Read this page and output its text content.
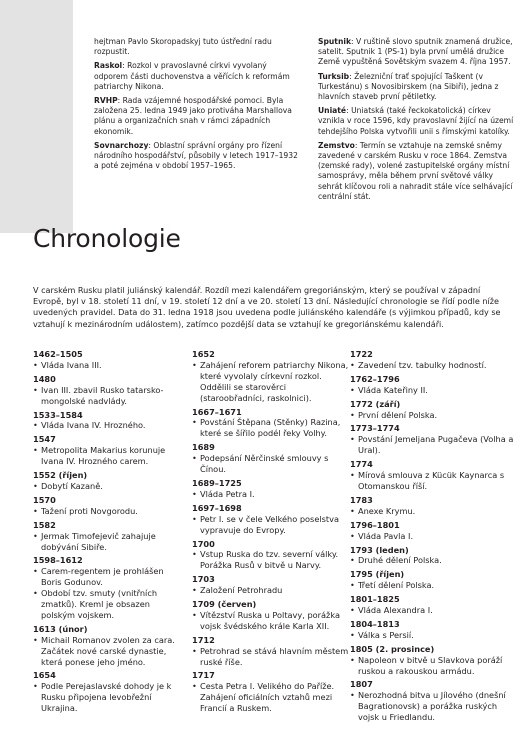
hejtman Pavlo Skoropadskyj tuto ústřední radu rozpustit.

Raskol: Rozkol v pravoslavné církvi vyvolaný odporem části duchovenstva a věřících k reformám patriarchy Nikona.

RVHP: Rada vzájemné hospodářské pomoci. Byla založena 25. ledna 1949 jako protiváha Marshallova plánu a organizačních snah v rámci západních ekonomik.

Sovnarchozy: Oblastní správní orgány pro řízení národního hospodářství, působily v letech 1917–1932 a poté zejména v období 1957–1965.

Sputnik: V ruštině slovo sputnik znamená družice, satelit. Sputnik 1 (PS-1) byla první umělá družice Země vypuštěná Sovětským svazem 4. října 1957.

Turksib: Železniční trať spojující Taškent (v Turkestánu) s Novosibirskem (na Sibiři), jedna z hlavních staveb první pětiletky.

Uniaté: Uniatská (také řeckokatolická) církev vznikla v roce 1596, kdy pravoslavní žijící na území tehdejšího Polska vytvořili unii s římskými katolíky.

Zemstvo: Termín se vztahuje na zemské sněmy zavedené v carském Rusku v roce 1864. Zemstva (zemské rady), volené zastupitelské orgány místní samosprávy, měla během první světové války sehrát klíčovou roli a nahradit stále více selhávající centrální stát.

Chronologie

V carském Rusku platil juliánský kalendář. Rozdíl mezi kalendářem gregoriánským, který se používal v západní Evropě, byl v 18. století 11 dní, v 19. století 12 dní a ve 20. století 13 dní. Následující chronologie se řídí podle níže uvedených pravidel. Data do 31. ledna 1918 jsou uvedena podle juliánského kalendáře (s výjimkou případů, kdy se vztahují k mezinárodním událostem), zatímco pozdější data se vztahují ke gregoriánskému kalendáři.

1462–1505
• Vláda Ivana III.
1480
• Ivan III. zbavil Rusko tatarsko-mongolské nadvlády.
1533–1584
• Vláda Ivana IV. Hrozného.
1547
• Metropolita Makarius korunuje Ivana IV. Hrozného carem.
1552 (říjen)
• Dobytí Kazaně.
1570
• Tažení proti Novgorodu.
1582
• Jermak Timofejevič zahajuje dobývání Sibiře.
1598–1612
• Carem-regentem je prohlášen Boris Godunov.
• Období tzv. smuty (vnitřních zmatků). Kreml je obsazen polským vojskem.
1613 (únor)
• Michail Romanov zvolen za cara. Začátek nové carské dynastie, která ponese jeho jméno.
1654
• Podle Perejaslavské dohody je k Rusku připojena levobřežní Ukrajina.
1652
• Zahájení reforem patriarchy Nikona, které vyvolaly církevní rozkol. Oddělili se starověrci (staroobřadníci, raskolnici).
1667–1671
• Povstání Štěpana (Stěnky) Razina, které se šířilo podél řeky Volhy.
1689
• Podepsání Něrčinské smlouvy s Čínou.
1689–1725
• Vláda Petra I.
1697–1698
• Petr I. se v čele Velkého poselstva vypravuje do Evropy.
1700
• Vstup Ruska do tzv. severní války. Porážka Rusů v bitvě u Narvy.
1703
• Založení Petrohradu
1709 (červen)
• Vítězství Ruska u Poltavy, porážka vojsk švédského krále Karla XII.
1712
• Petrohrad se stává hlavním městem ruské říše.
1717
• Cesta Petra I. Velikého do Paříže. Zahájení oficiálních vztahů mezi Francií a Ruskem.
1722
• Zavedení tzv. tabulky hodností.
1762–1796
• Vláda Kateřiny II.
1772 (září)
• První dělení Polska.
1773–1774
• Povstání Jemeljana Pugačeva (Volha a Ural).
1774
• Mírová smlouva z Kücük Kaynarca s Otomanskou říší.
1783
• Anexe Krymu.
1796–1801
• Vláda Pavla I.
1793 (leden)
• Druhé dělení Polska.
1795 (říjen)
• Třetí dělení Polska.
1801–1825
• Vláda Alexandra I.
1804–1813
• Válka s Persií.
1805 (2. prosince)
• Napoleon v bitvě u Slavkova poráží ruskou a rakouskou armádu.
1807
• Nerozhodná bitva u Jílového (dnešní Bagrationovsk) a porážka ruských vojsk u Friedlandu.
